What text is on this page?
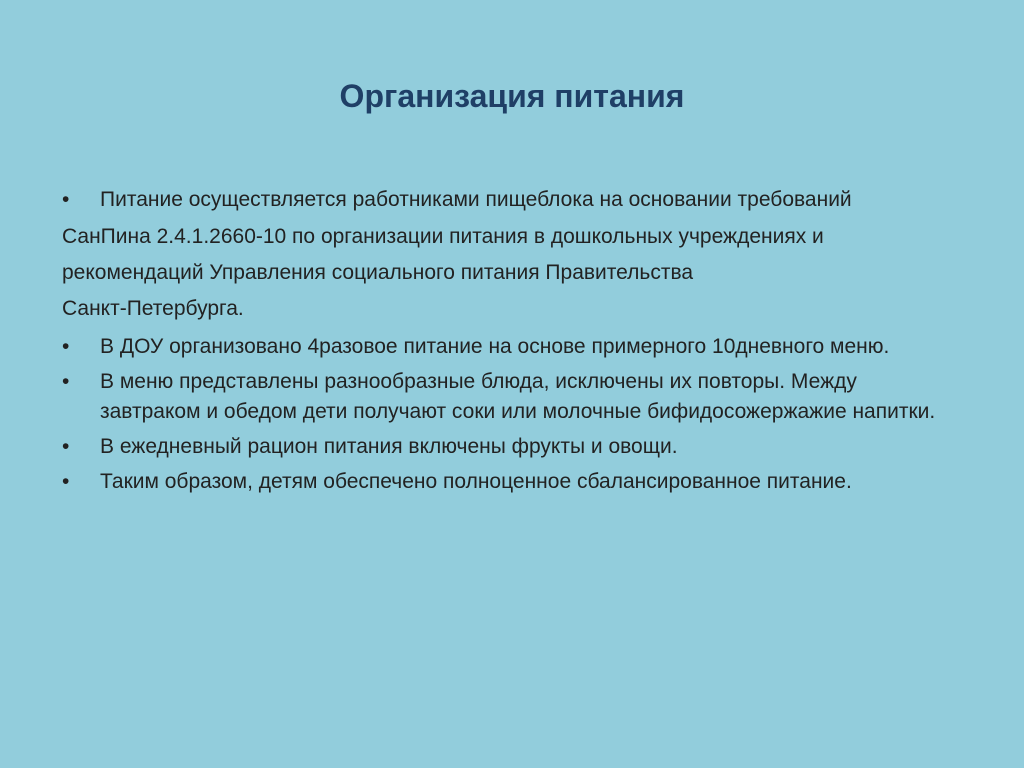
Организация питания
•	Питание осуществляется работниками пищеблока на основании требований
СанПина 2.4.1.2660-10 по организации питания в дошкольных учреждениях и
рекомендаций Управления социального питания Правительства
Санкт-Петербурга.
•	В ДОУ организовано 4разовое питание на основе примерного 10дневного меню.
•	В меню представлены разнообразные блюда, исключены их повторы. Между завтраком и обедом дети получают соки или молочные бифидосожержажие напитки.
•	В ежедневный рацион питания включены фрукты и овощи.
•	Таким образом, детям обеспечено полноценное сбалансированное питание.
